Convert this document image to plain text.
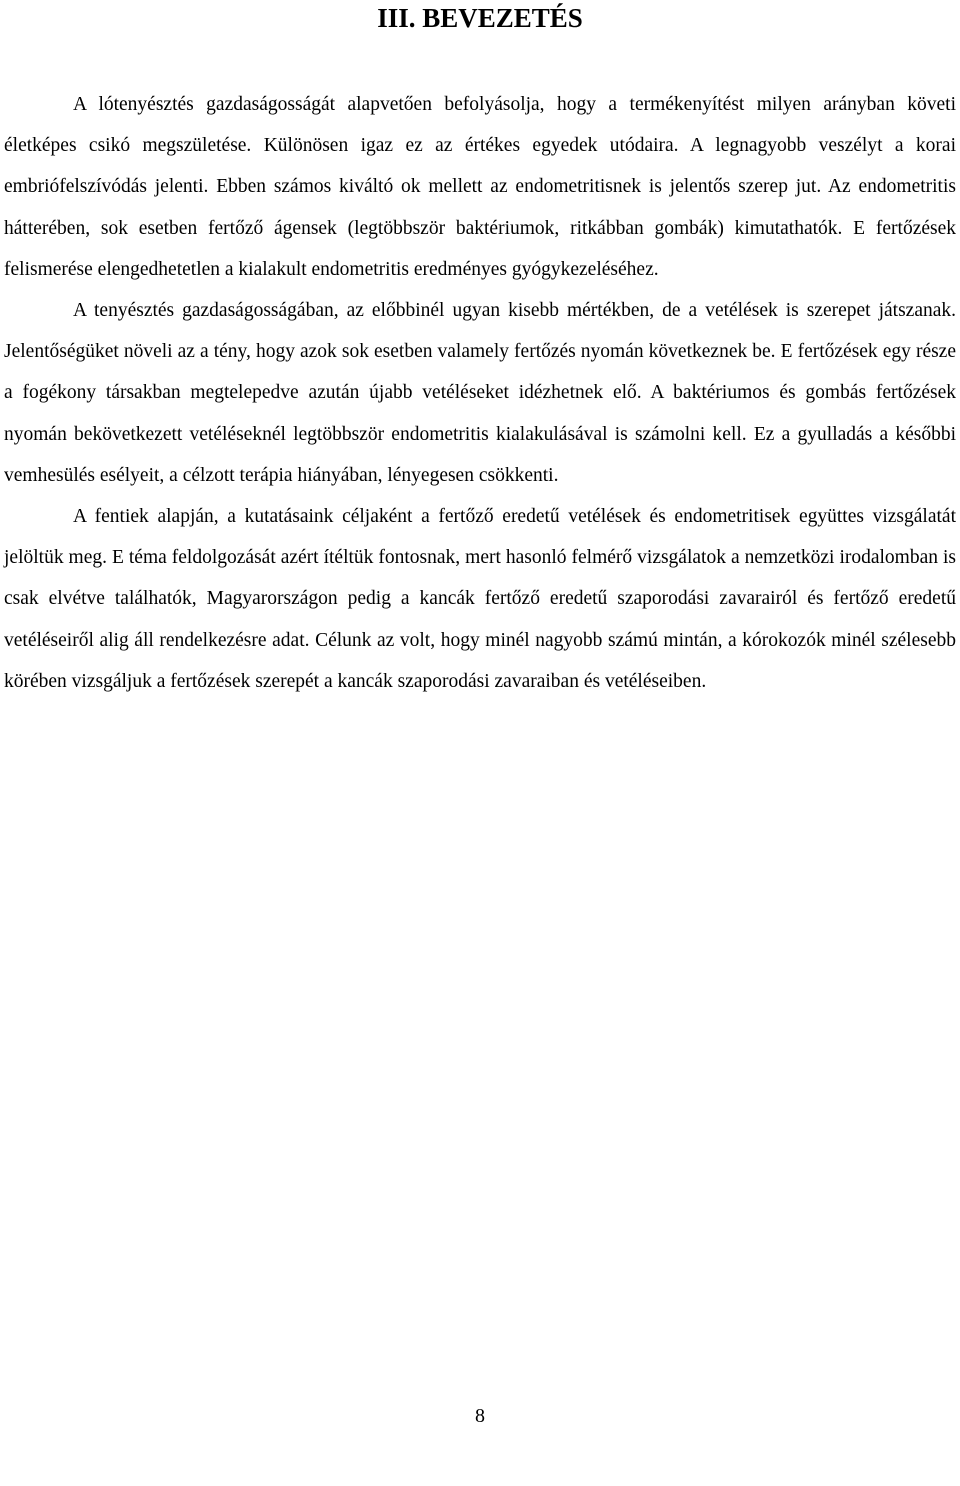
III. BEVEZETÉS

A lótenyésztés gazdaságosságát alapvetően befolyásolja, hogy a termékenyítést milyen arányban követi életképes csikó megszületése. Különösen igaz ez az értékes egyedek utódaira. A legnagyobb veszélyt a korai embriófelszívódás jelenti. Ebben számos kiváltó ok mellett az endometritisnek is jelentős szerep jut. Az endometritis hátterében, sok esetben fertőző ágensek (legtöbbször baktériumok, ritkábban gombák) kimutathatók. E fertőzések felismerése elengedhetetlen a kialakult endometritis eredményes gyógykezeléséhez.

A tenyésztés gazdaságosságában, az előbbinél ugyan kisebb mértékben, de a vetélések is szerepet játszanak. Jelentőségüket növeli az a tény, hogy azok sok esetben valamely fertőzés nyomán következnek be. E fertőzések egy része a fogékony társakban megtelepedve azután újabb vetéléseket idézhetnek elő. A baktériumos és gombás fertőzések nyomán bekövetkezett vetéléseknél legtöbbször endometritis kialakulásával is számolni kell. Ez a gyulladás a későbbi vemhesülés esélyeit, a célzott terápia hiányában, lényegesen csökkenti.

A fentiek alapján, a kutatásaink céljaként a fertőző eredetű vetélések és endometritisek együttes vizsgálatát jelöltük meg. E téma feldolgozását azért ítéltük fontosnak, mert hasonló felmérő vizsgálatok a nemzetközi irodalomban is csak elvétve találhatók, Magyarországon pedig a kancák fertőző eredetű szaporodási zavarairól és fertőző eredetű vetéléseiről alig áll rendelkezésre adat. Célunk az volt, hogy minél nagyobb számú mintán, a kórokozók minél szélesebb körében vizsgáljuk a fertőzések szerepét a kancák szaporodási zavaraiban és vetéléseiben.

8
